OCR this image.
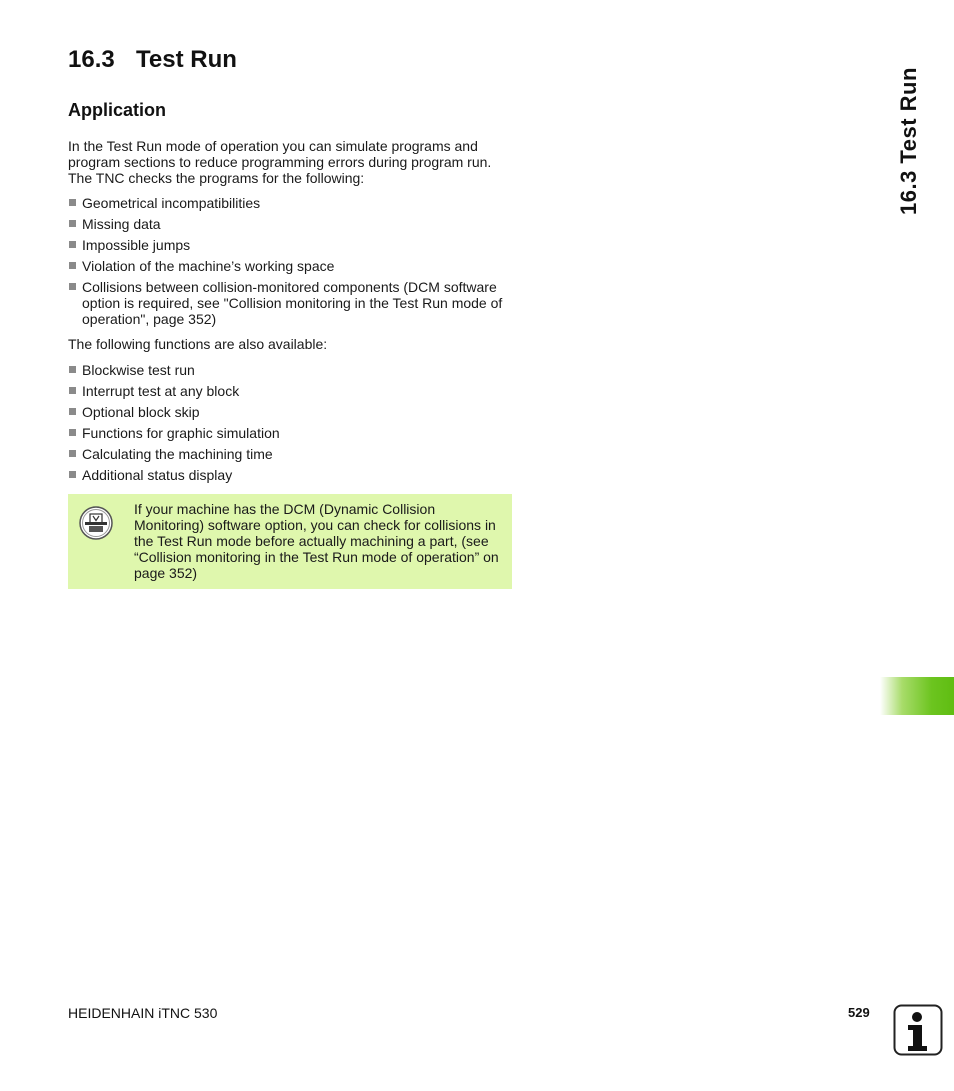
16.3 Test Run
Application

In the Test Run mode of operation you can simulate programs and program sections to reduce programming errors during program run. The TNC checks the programs for the following:

Geometrical incompatibilities
Missing data
Impossible jumps
Violation of the machine’s working space
Collisions between collision-monitored components (DCM software option is required, see "Collision monitoring in the Test Run mode of operation", page 352)

The following functions are also available:

Blockwise test run
Interrupt test at any block
Optional block skip
Functions for graphic simulation
Calculating the machining time
Additional status display

If your machine has the DCM (Dynamic Collision Monitoring) software option, you can check for collisions in the Test Run mode before actually machining a part, (see “Collision monitoring in the Test Run mode of operation” on page 352)

16.3 Test Run
HEIDENHAIN iTNC 530	529
